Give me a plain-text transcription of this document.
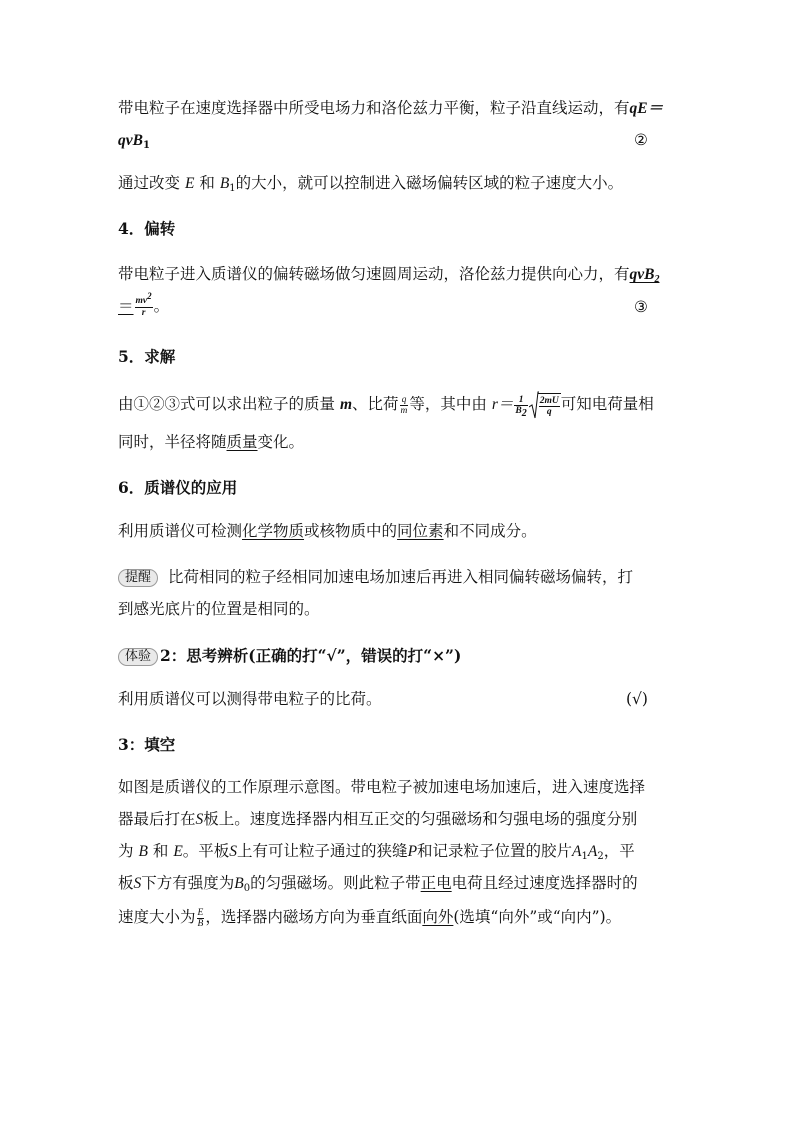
带电粒子在速度选择器中所受电场力和洛伦兹力平衡，粒子沿直线运动，有qE＝
qvB$_1$	②
通过改变 E 和 $B_1$的大小，就可以控制进入磁场偏转区域的粒子速度大小。
4．偏转
带电粒子进入质谱仪的偏转磁场做匀速圆周运动，洛伦兹力提供向心力，有qvB$_2$
＝ $\frac{mv^2}{r}$ 。	③
5．求解
由①②③式可以求出粒子的质量 m、比荷 $\frac{q}{m}$ 等，其中由 $r= \frac{1}{B_2} \frac{2mU}{q}$ 可知电荷量相
同时，半径将随质量变化。
6．质谱仪的应用
利用质谱仪可检测化学物质或核物质中的同位素和不同成分。
提醒 比荷相同的粒子经相同加速电场加速后再进入相同偏转磁场偏转，打
到感光底片的位置是相同的。
体验 2：思考辨析(正确的打“√”，错误的打“×”)
利用质谱仪可以测得带电粒子的比荷。	(√)
3：填空
如图是质谱仪的工作原理示意图。带电粒子被加速电场加速后，进入速度选择
器最后打在S板上。速度选择器内相互正交的匀强磁场和匀强电场的强度分别
为 B 和 E。平板S上有可让粒子通过的狭缝P和记录粒子位置的胶片$A_1A_2$，平
板S下方有强度为$B_0$的匀强磁场。则此粒子带正电电荷且经过速度选择器时的
速度大小为 $\frac{E}{B}$ ，选择器内磁场方向为垂直纸面向外(选填“向外”或“向内”)。
